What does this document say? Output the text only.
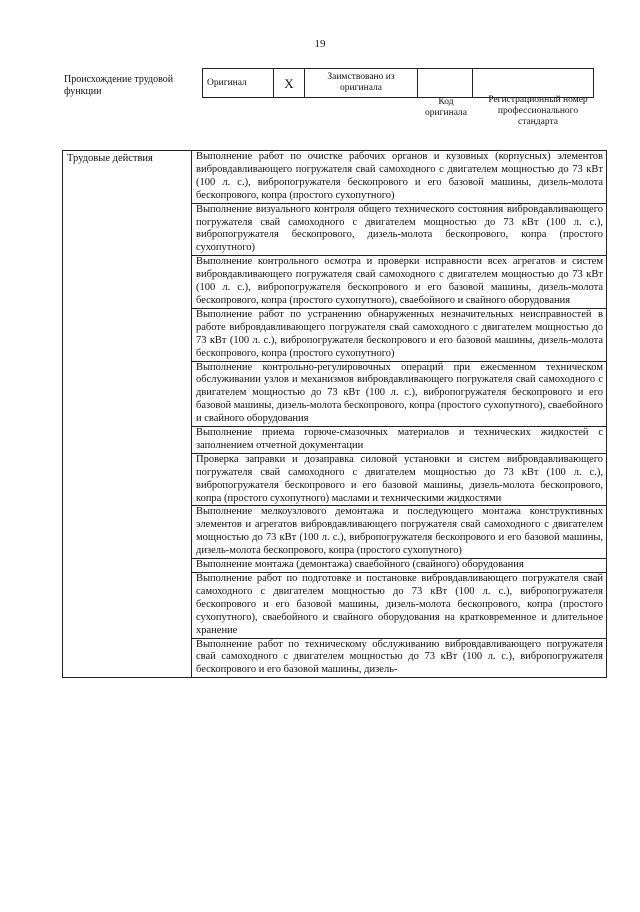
19
Происхождение трудовой функции
Оригинал	X	Заимствовано из оригинала		
Код оригинала
Регистрационный номер профессионального стандарта
Трудовые действия	Выполнение работ по очистке рабочих органов и кузовных (корпусных) элементов вибровдавливающего погружателя свай самоходного с двигателем мощностью до 73 кВт (100 л. с.), вибропогружателя бескопрового и его базовой машины, дизель-молота бескопрового, копра (простого сухопутного)
Выполнение визуального контроля общего технического состояния вибровдавливающего погружателя свай самоходного с двигателем мощностью до 73 кВт (100 л. с.), вибропогружателя бескопрового, дизель-молота бескопрового, копра (простого сухопутного)
Выполнение контрольного осмотра и проверки исправности всех агрегатов и систем вибровдавливающего погружателя свай самоходного с двигателем мощностью до 73 кВт (100 л. с.), вибропогружателя бескопрового и его базовой машины, дизель-молота бескопрового, копра (простого сухопутного), сваебойного и свайного оборудования
Выполнение работ по устранению обнаруженных незначительных неисправностей в работе вибровдавливающего погружателя свай самоходного с двигателем мощностью до 73 кВт (100 л. с.), вибропогружателя бескопрового и его базовой машины, дизель-молота бескопрового, копра (простого сухопутного)
Выполнение контрольно-регулировочных операций при ежесменном техническом обслуживании узлов и механизмов вибровдавливающего погружателя свай самоходного с двигателем мощностью до 73 кВт (100 л. с.), вибропогружателя бескопрового и его базовой машины, дизель-молота бескопрового, копра (простого сухопутного), сваебойного и свайного оборудования
Выполнение приема горюче-смазочных материалов и технических жидкостей с заполнением отчетной документации
Проверка заправки и дозаправка силовой установки и систем вибровдавливающего погружателя свай самоходного с двигателем мощностью до 73 кВт (100 л. с.), вибропогружателя бескопрового и его базовой машины, дизель-молота бескопрового, копра (простого сухопутного) маслами и техническими жидкостями
Выполнение мелкоузлового демонтажа и последующего монтажа конструктивных элементов и агрегатов вибровдавливающего погружателя свай самоходного с двигателем мощностью до 73 кВт (100 л. с.), вибропогружателя бескопрового и его базовой машины, дизель-молота бескопрового, копра (простого сухопутного)
Выполнение монтажа (демонтажа) сваебойного (свайного) оборудования
Выполнение работ по подготовке и постановке вибровдавливающего погружателя свай самоходного с двигателем мощностью до 73 кВт (100 л. с.), вибропогружателя бескопрового и его базовой машины, дизель-молота бескопрового, копра (простого сухопутного), сваебойного и свайного оборудования на кратковременное и длительное хранение
Выполнение работ по техническому обслуживанию вибровдавливающего погружателя свай самоходного с двигателем мощностью до 73 кВт (100 л. с.), вибропогружателя бескопрового и его базовой машины, дизель-
